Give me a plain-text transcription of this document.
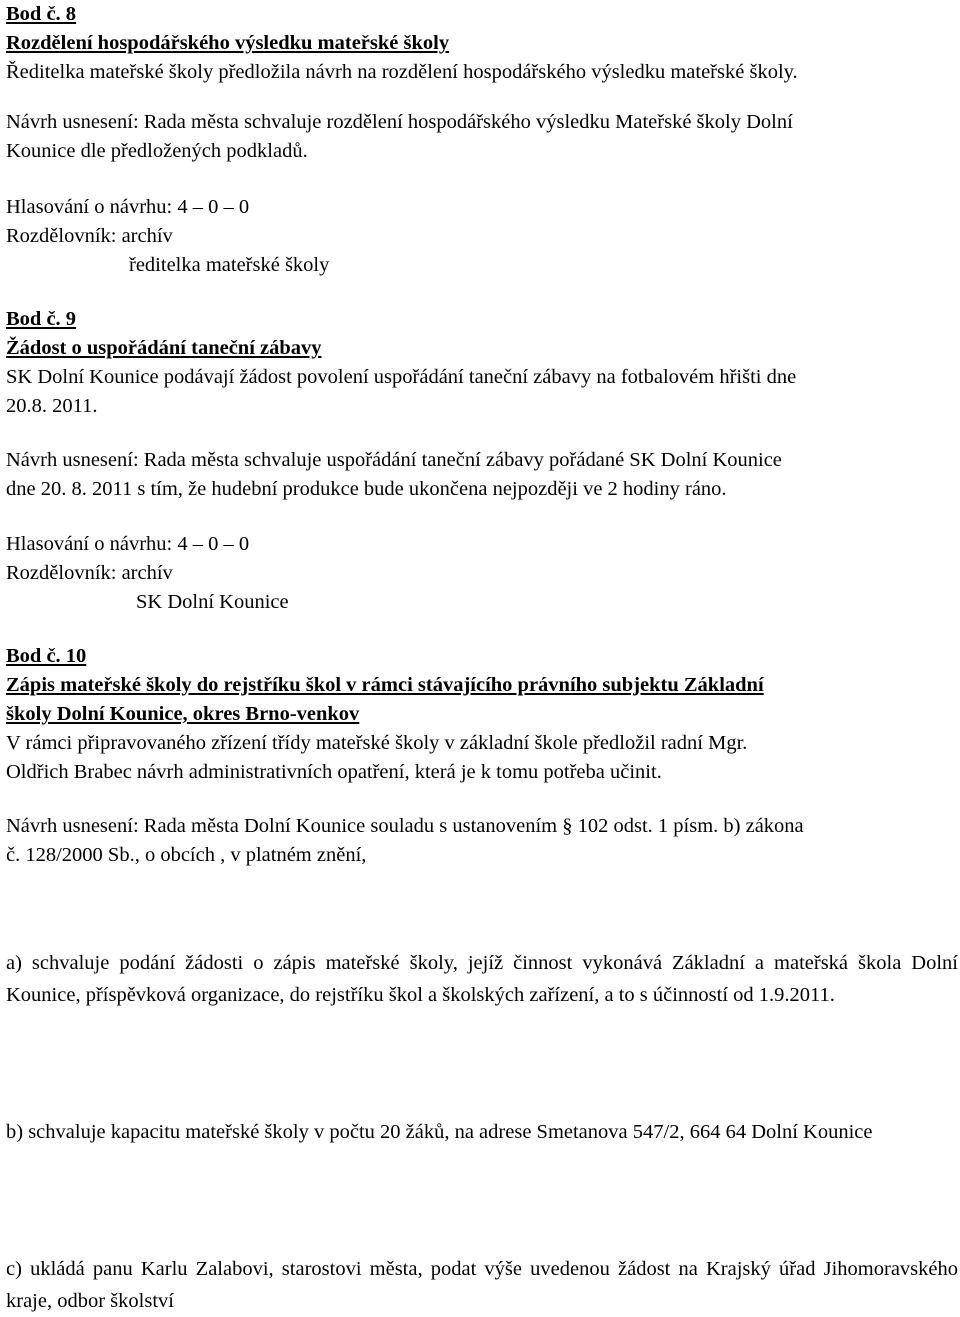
Bod č. 8
Rozdělení hospodářského výsledku mateřské školy
Ředitelka mateřské školy předložila návrh na rozdělení hospodářského výsledku mateřské školy.
Návrh usnesení: Rada města schvaluje rozdělení hospodářského výsledku Mateřské školy Dolní
Kounice dle předložených podkladů.
Hlasování o návrhu: 4 – 0 – 0
Rozdělovník: archív
ředitelka mateřské školy
Bod č. 9
Žádost o uspořádání taneční zábavy
SK Dolní Kounice podávají žádost povolení uspořádání taneční zábavy na fotbalovém hřišti dne
20.8. 2011.
Návrh usnesení: Rada města schvaluje uspořádání taneční zábavy pořádané SK Dolní Kounice
dne 20. 8. 2011 s tím, že hudební produkce bude ukončena nejpozději ve 2 hodiny ráno.
Hlasování o návrhu: 4 – 0 – 0
Rozdělovník: archív
SK Dolní Kounice
Bod č. 10
Zápis mateřské školy do rejstříku škol v rámci stávajícího právního subjektu Základní
školy Dolní Kounice, okres Brno-venkov
V rámci připravovaného zřízení třídy mateřské školy v základní škole předložil radní Mgr.
Oldřich Brabec návrh administrativních opatření, která je k tomu potřeba učinit.
Návrh usnesení: Rada města Dolní Kounice souladu s ustanovením § 102 odst. 1 písm. b) zákona
č. 128/2000 Sb., o obcích , v platném znění,
a) schvaluje podání žádosti o zápis mateřské školy, jejíž činnost vykonává Základní a mateřská škola Dolní Kounice, příspěvková organizace, do rejstříku škol a školských zařízení, a to s účinností od 1.9.2011.
b) schvaluje kapacitu mateřské školy v počtu 20 žáků, na adrese Smetanova 547/2, 664 64 Dolní Kounice
c) ukládá panu Karlu Zalabovi, starostovi města, podat výše uvedenou žádost na Krajský úřad Jihomoravského kraje, odbor školství
